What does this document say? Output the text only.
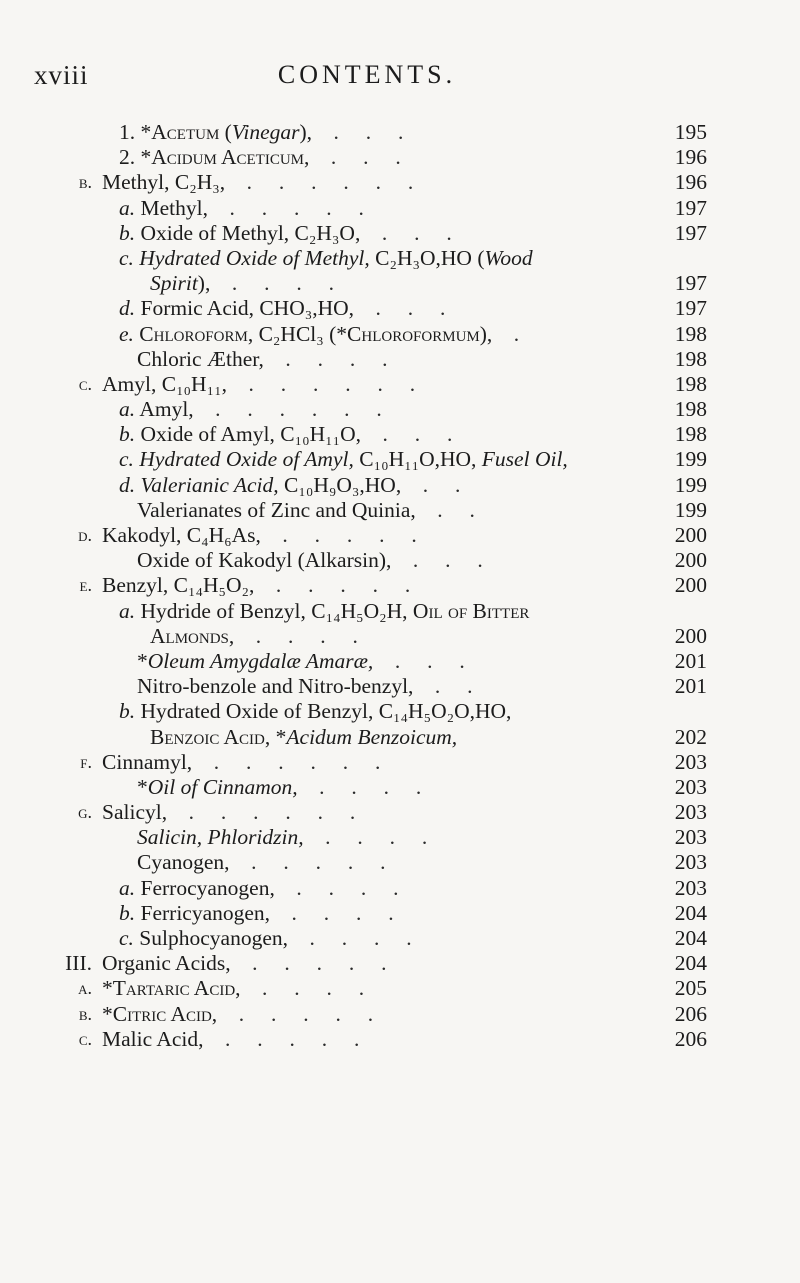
xviii	CONTENTS.
1. *Acetum (Vinegar),    .     .     .	195
2. *Acidum Aceticum,    .     .     .	196
b. Methyl, C₂H₃,    .     .     .     .     .     .	196
a. Methyl,    .     .     .     .     .	197
b. Oxide of Methyl, C₂H₃O,    .     .     .	197
c. Hydrated Oxide of Methyl, C₂H₃O,HO (Wood
Spirit),    .     .     .     .	197
d. Formic Acid, CHO₃,HO,    .     .     .	197
e. Chloroform, C₂HCl₃ (*Chloroformum),    .	198
Chloric Æther,    .     .     .     .	198
c. Amyl, C₁₀H₁₁,    .     .     .     .     .     .	198
a. Amyl,    .     .     .     .     .     .	198
b. Oxide of Amyl, C₁₀H₁₁O,    .     .     .	198
c. Hydrated Oxide of Amyl, C₁₀H₁₁O,HO, Fusel Oil,	199
d. Valerianic Acid, C₁₀H₉O₃,HO,    .     .	199
Valerianates of Zinc and Quinia,    .     .	199
d. Kakodyl, C₄H₆As,    .     .     .     .     .	200
Oxide of Kakodyl (Alkarsin),    .     .     .	200
e. Benzyl, C₁₄H₅O₂,    .     .     .     .     .	200
a. Hydride of Benzyl, C₁₄H₅O₂H, Oil of Bitter
Almonds,    .     .     .     .	200
*Oleum Amygdalæ Amaræ,    .     .     .	201
Nitro-benzole and Nitro-benzyl,    .     .	201
b. Hydrated Oxide of Benzyl, C₁₄H₅O₂O,HO,
Benzoic Acid, *Acidum Benzoicum,	202
f. Cinnamyl,    .     .     .     .     .     .	203
*Oil of Cinnamon,    .     .     .     .	203
g. Salicyl,    .     .     .     .     .     .	203
Salicin, Phloridzin,    .     .     .     .	203
Cyanogen,    .     .     .     .     .	203
a. Ferrocyanogen,    .     .     .     .	203
b. Ferricyanogen,    .     .     .     .	204
c. Sulphocyanogen,    .     .     .     .	204
III. Organic Acids,    .     .     .     .     .	204
a. *Tartaric Acid,    .     .     .     .	205
b. *Citric Acid,    .     .     .     .     .	206
c. Malic Acid,    .     .     .     .     .	206
